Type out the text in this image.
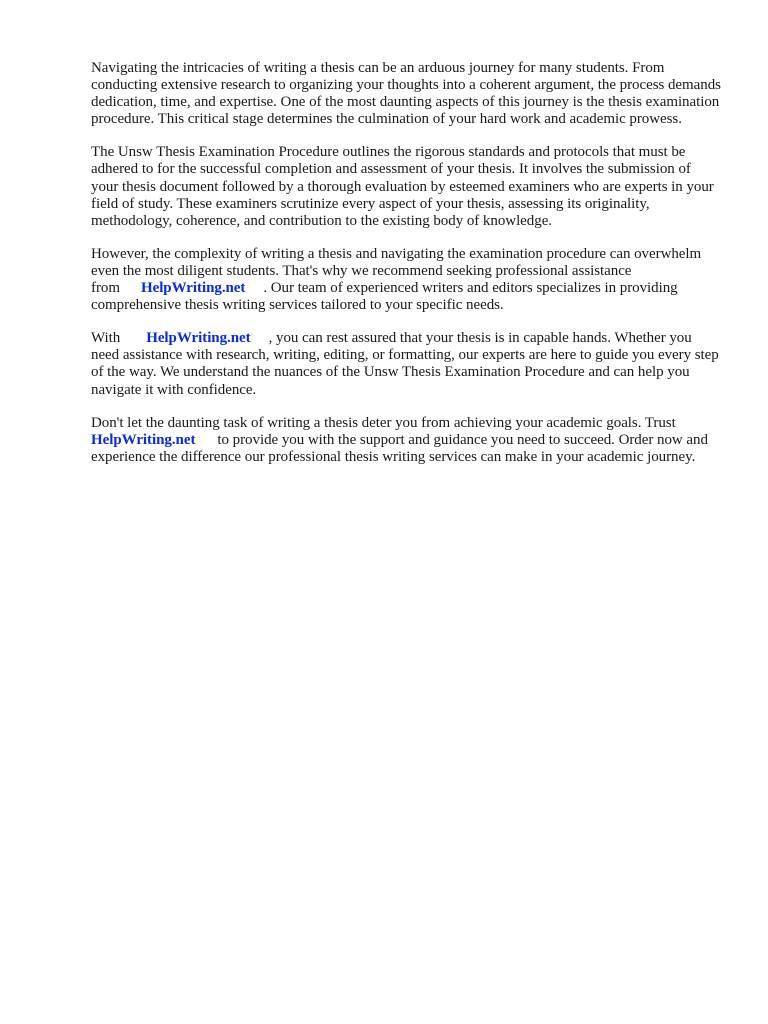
Navigating the intricacies of writing a thesis can be an arduous journey for many students. From conducting extensive research to organizing your thoughts into a coherent argument, the process demands dedication, time, and expertise. One of the most daunting aspects of this journey is the thesis examination procedure. This critical stage determines the culmination of your hard work and academic prowess.

The Unsw Thesis Examination Procedure outlines the rigorous standards and protocols that must be adhered to for the successful completion and assessment of your thesis. It involves the submission of your thesis document followed by a thorough evaluation by esteemed examiners who are experts in your field of study. These examiners scrutinize every aspect of your thesis, assessing its originality, methodology, coherence, and contribution to the existing body of knowledge.

However, the complexity of writing a thesis and navigating the examination procedure can overwhelm even the most diligent students. That's why we recommend seeking professional assistance from HelpWriting.net . Our team of experienced writers and editors specializes in providing comprehensive thesis writing services tailored to your specific needs.

With HelpWriting.net , you can rest assured that your thesis is in capable hands. Whether you need assistance with research, writing, editing, or formatting, our experts are here to guide you every step of the way. We understand the nuances of the Unsw Thesis Examination Procedure and can help you navigate it with confidence.

Don't let the daunting task of writing a thesis deter you from achieving your academic goals. Trust HelpWriting.net to provide you with the support and guidance you need to succeed. Order now and experience the difference our professional thesis writing services can make in your academic journey.
